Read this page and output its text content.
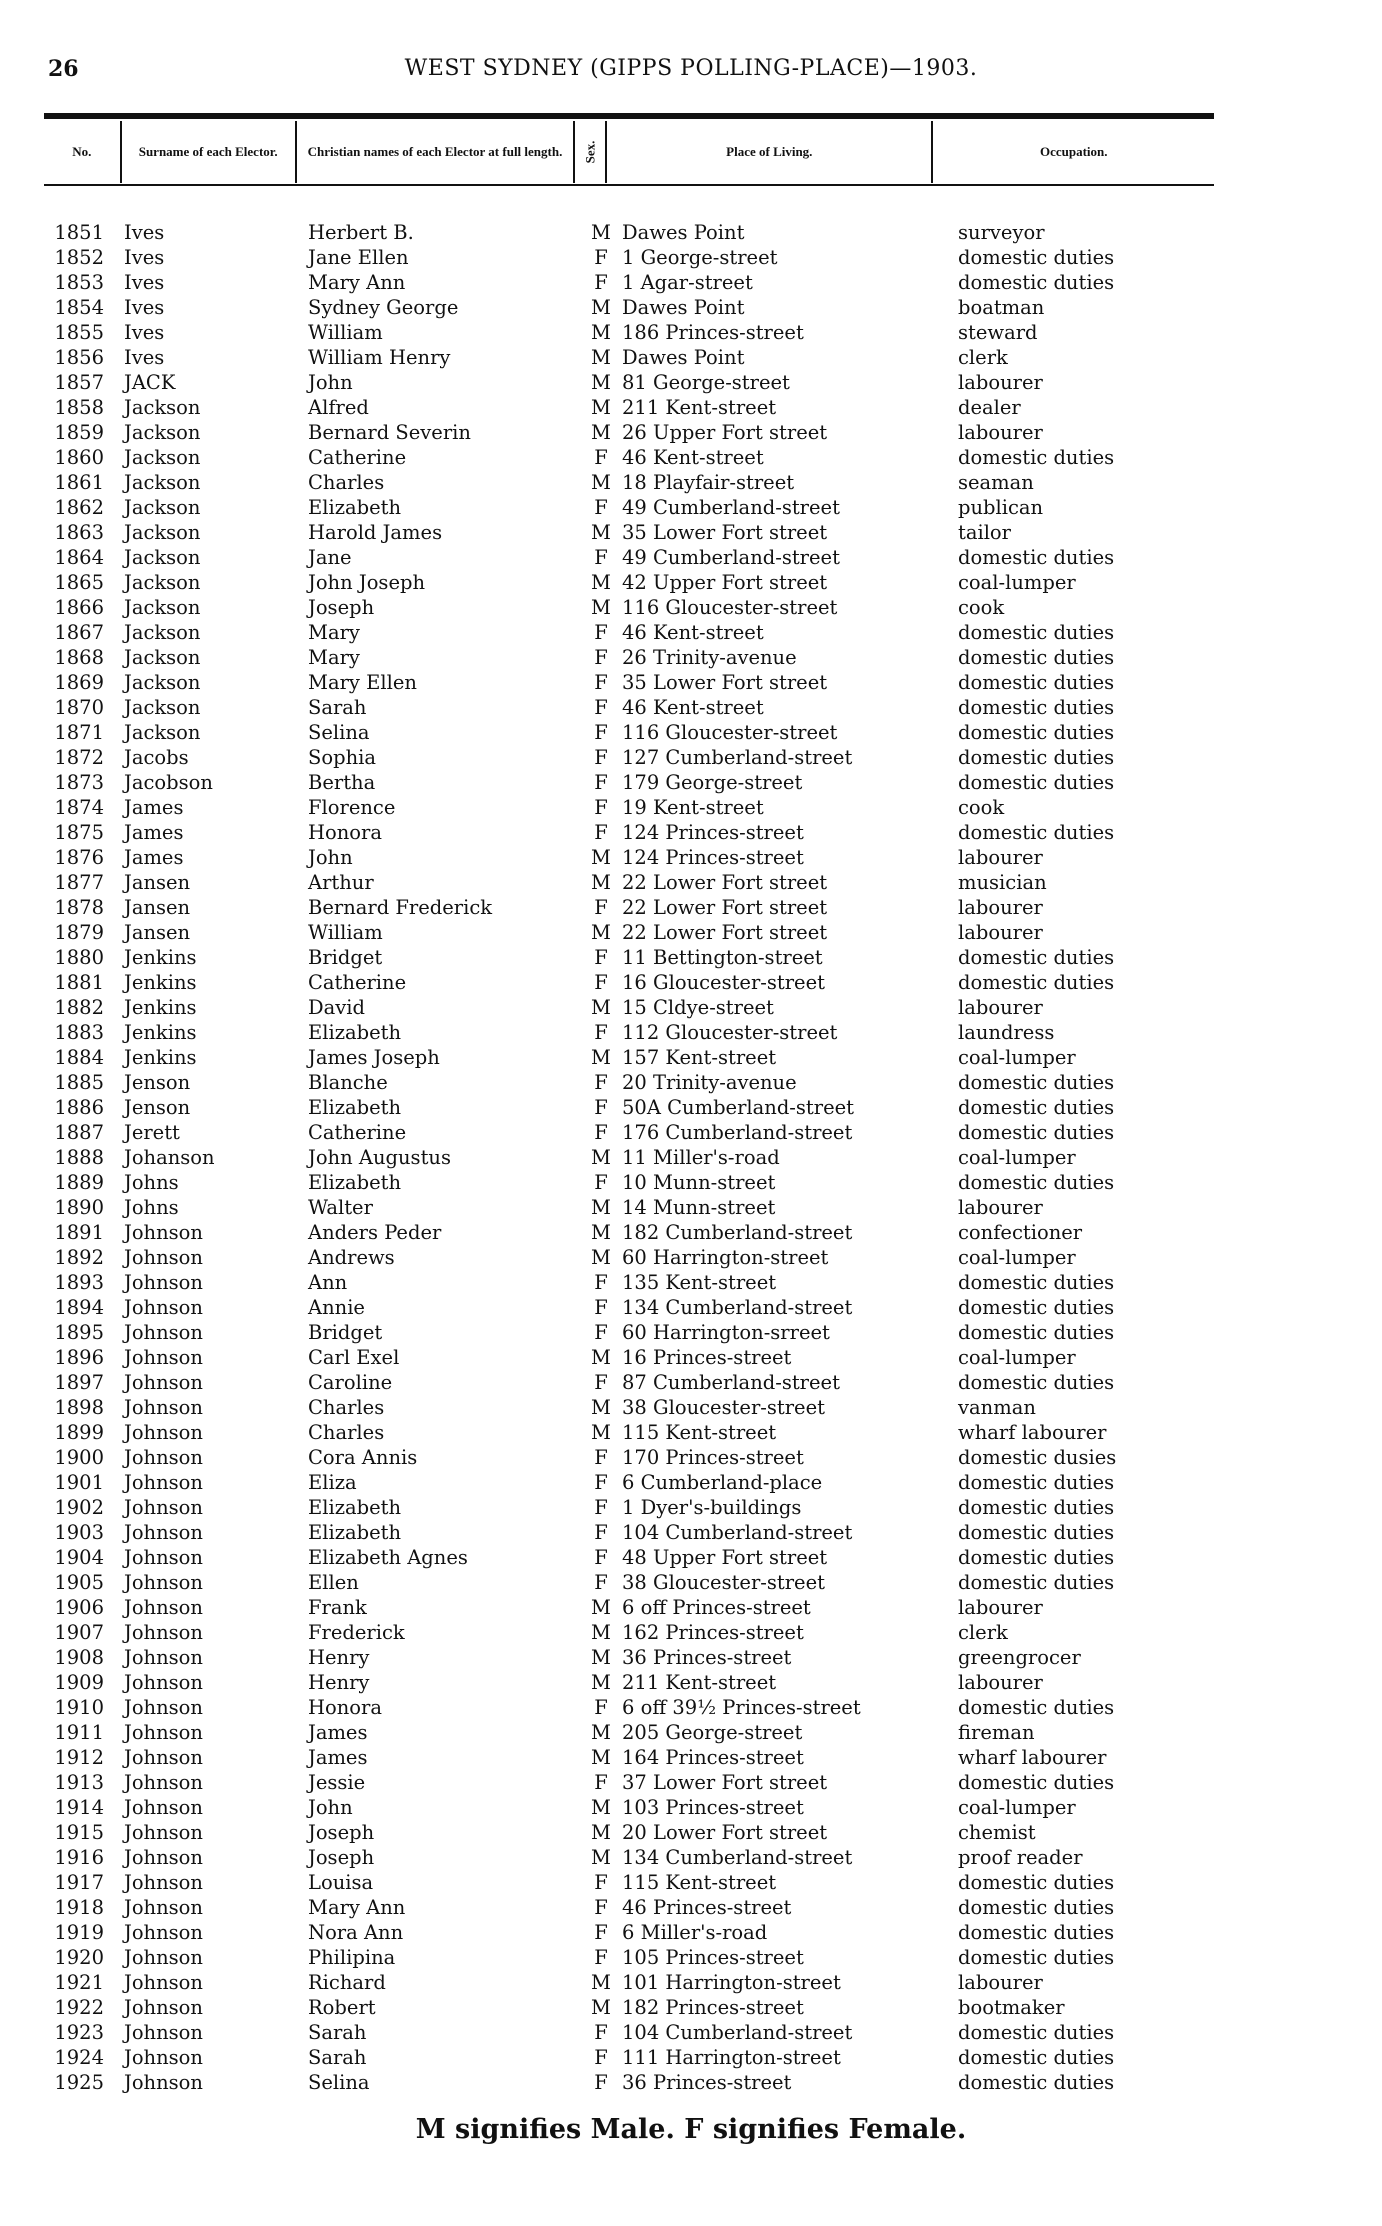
26	WEST SYDNEY (GIPPS POLLING-PLACE)—1903.
No.	Surname of each Elector. Christian names of each Elector at full length. Sex.	Place of Living.	Occupation.
1851 Ives	Herbert B.	M Dawes Point	surveyor
1852 Ives	Jane Ellen	F 1 George-street	domestic duties
1853 Ives	Mary Ann	F 1 Agar-street	domestic duties
1854 Ives	Sydney George	M Dawes Point	boatman
1855 Ives	William	M 186 Princes-street	steward
1856 Ives	William Henry	M Dawes Point	clerk
1857 JACK	John	M 81 George-street	labourer
1858 Jackson	Alfred	M 211 Kent-street	dealer
1859 Jackson	Bernard Severin	M 26 Upper Fort street	labourer
1860 Jackson	Catherine	F 46 Kent-street	domestic duties
1861 Jackson	Charles	M 18 Playfair-street	seaman
1862 Jackson	Elizabeth	F 49 Cumberland-street	publican
1863 Jackson	Harold James	M 35 Lower Fort street	tailor
1864 Jackson	Jane	F 49 Cumberland-street	domestic duties
1865 Jackson	John Joseph	M 42 Upper Fort street	coal-lumper
1866 Jackson	Joseph	M 116 Gloucester-street	cook
1867 Jackson	Mary	F 46 Kent-street	domestic duties
1868 Jackson	Mary	F 26 Trinity-avenue	domestic duties
1869 Jackson	Mary Ellen	F 35 Lower Fort street	domestic duties
1870 Jackson	Sarah	F 46 Kent-street	domestic duties
1871 Jackson	Selina	F 116 Gloucester-street	domestic duties
1872 Jacobs	Sophia	F 127 Cumberland-street	domestic duties
1873 Jacobson	Bertha	F 179 George-street	domestic duties
1874 James	Florence	F 19 Kent-street	cook
1875 James	Honora	F 124 Princes-street	domestic duties
1876 James	John	M 124 Princes-street	labourer
1877 Jansen	Arthur	M 22 Lower Fort street	musician
1878 Jansen	Bernard Frederick	F 22 Lower Fort street	labourer
1879 Jansen	William	M 22 Lower Fort street	labourer
1880 Jenkins	Bridget	F 11 Bettington-street	domestic duties
1881 Jenkins	Catherine	F 16 Gloucester-street	domestic duties
1882 Jenkins	David	M 15 Cldye-street	labourer
1883 Jenkins	Elizabeth	F 112 Gloucester-street	laundress
1884 Jenkins	James Joseph	M 157 Kent-street	coal-lumper
1885 Jenson	Blanche	F 20 Trinity-avenue	domestic duties
1886 Jenson	Elizabeth	F 50A Cumberland-street	domestic duties
1887 Jerett	Catherine	F 176 Cumberland-street	domestic duties
1888 Johanson	John Augustus	M 11 Miller's-road	coal-lumper
1889 Johns	Elizabeth	F 10 Munn-street	domestic duties
1890 Johns	Walter	M 14 Munn-street	labourer
1891 Johnson	Anders Peder	M 182 Cumberland-street	confectioner
1892 Johnson	Andrews	M 60 Harrington-street	coal-lumper
1893 Johnson	Ann	F 135 Kent-street	domestic duties
1894 Johnson	Annie	F 134 Cumberland-street	domestic duties
1895 Johnson	Bridget	F 60 Harrington-srreet	domestic duties
1896 Johnson	Carl Exel	M 16 Princes-street	coal-lumper
1897 Johnson	Caroline	F 87 Cumberland-street	domestic duties
1898 Johnson	Charles	M 38 Gloucester-street	vanman
1899 Johnson	Charles	M 115 Kent-street	wharf labourer
1900 Johnson	Cora Annis	F 170 Princes-street	domestic dusies
1901 Johnson	Eliza	F 6 Cumberland-place	domestic duties
1902 Johnson	Elizabeth	F 1 Dyer's-buildings	domestic duties
1903 Johnson	Elizabeth	F 104 Cumberland-street	domestic duties
1904 Johnson	Elizabeth Agnes	F 48 Upper Fort street	domestic duties
1905 Johnson	Ellen	F 38 Gloucester-street	domestic duties
1906 Johnson	Frank	M 6 off Princes-street	labourer
1907 Johnson	Frederick	M 162 Princes-street	clerk
1908 Johnson	Henry	M 36 Princes-street	greengrocer
1909 Johnson	Henry	M 211 Kent-street	labourer
1910 Johnson	Honora	F 6 off 39½ Princes-street	domestic duties
1911 Johnson	James	M 205 George-street	fireman
1912 Johnson	James	M 164 Princes-street	wharf labourer
1913 Johnson	Jessie	F 37 Lower Fort street	domestic duties
1914 Johnson	John	M 103 Princes-street	coal-lumper
1915 Johnson	Joseph	M 20 Lower Fort street	chemist
1916 Johnson	Joseph	M 134 Cumberland-street	proof reader
1917 Johnson	Louisa	F 115 Kent-street	domestic duties
1918 Johnson	Mary Ann	F 46 Princes-street	domestic duties
1919 Johnson	Nora Ann	F 6 Miller's-road	domestic duties
1920 Johnson	Philipina	F 105 Princes-street	domestic duties
1921 Johnson	Richard	M 101 Harrington-street	labourer
1922 Johnson	Robert	M 182 Princes-street	bootmaker
1923 Johnson	Sarah	F 104 Cumberland-street	domestic duties
1924 Johnson	Sarah	F 111 Harrington-street	domestic duties
1925 Johnson	Selina	F 36 Princes-street	domestic duties
M signifies Male. F signifies Female.
